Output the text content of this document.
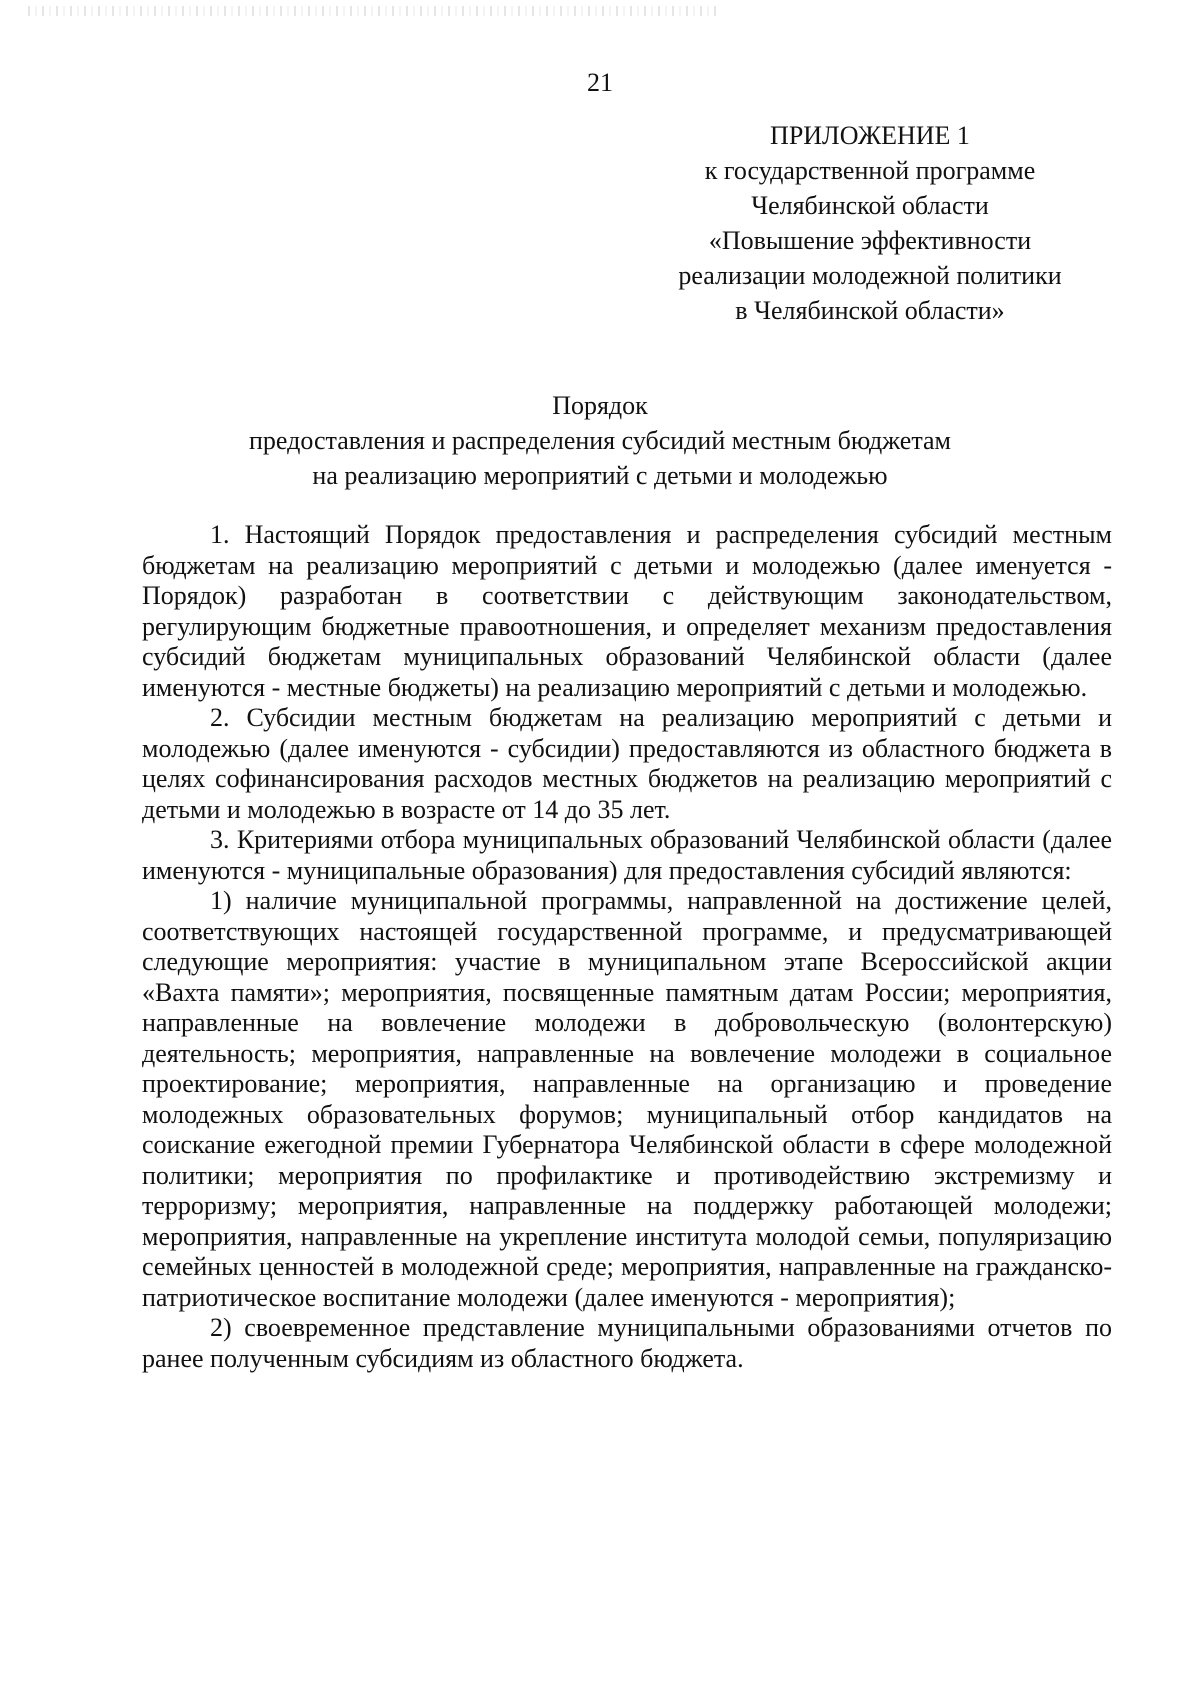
21
ПРИЛОЖЕНИЕ 1
к государственной программе
Челябинской области
«Повышение эффективности
реализации молодежной политики
в Челябинской области»
Порядок
предоставления и распределения субсидий местным бюджетам
на реализацию мероприятий с детьми и молодежью

1. Настоящий Порядок предоставления и распределения субсидий местным бюджетам на реализацию мероприятий с детьми и молодежью (далее именуется - Порядок) разработан в соответствии с действующим законодательством, регулирующим бюджетные правоотношения, и определяет механизм предоставления субсидий бюджетам муниципальных образований Челябинской области (далее именуются - местные бюджеты) на реализацию мероприятий с детьми и молодежью.

2. Субсидии местным бюджетам на реализацию мероприятий с детьми и молодежью (далее именуются - субсидии) предоставляются из областного бюджета в целях софинансирования расходов местных бюджетов на реализацию мероприятий с детьми и молодежью в возрасте от 14 до 35 лет.

3. Критериями отбора муниципальных образований Челябинской области (далее именуются - муниципальные образования) для предоставления субсидий являются:

1) наличие муниципальной программы, направленной на достижение целей, соответствующих настоящей государственной программе, и предусматривающей следующие мероприятия: участие в муниципальном этапе Всероссийской акции «Вахта памяти»; мероприятия, посвященные памятным датам России; мероприятия, направленные на вовлечение молодежи в добровольческую (волонтерскую) деятельность; мероприятия, направленные на вовлечение молодежи в социальное проектирование; мероприятия, направленные на организацию и проведение молодежных образовательных форумов; муниципальный отбор кандидатов на соискание ежегодной премии Губернатора Челябинской области в сфере молодежной политики; мероприятия по профилактике и противодействию экстремизму и терроризму; мероприятия, направленные на поддержку работающей молодежи; мероприятия, направленные на укрепление института молодой семьи, популяризацию семейных ценностей в молодежной среде; мероприятия, направленные на гражданско-патриотическое воспитание молодежи (далее именуются - мероприятия);

2) своевременное представление муниципальными образованиями отчетов по ранее полученным субсидиям из областного бюджета.
